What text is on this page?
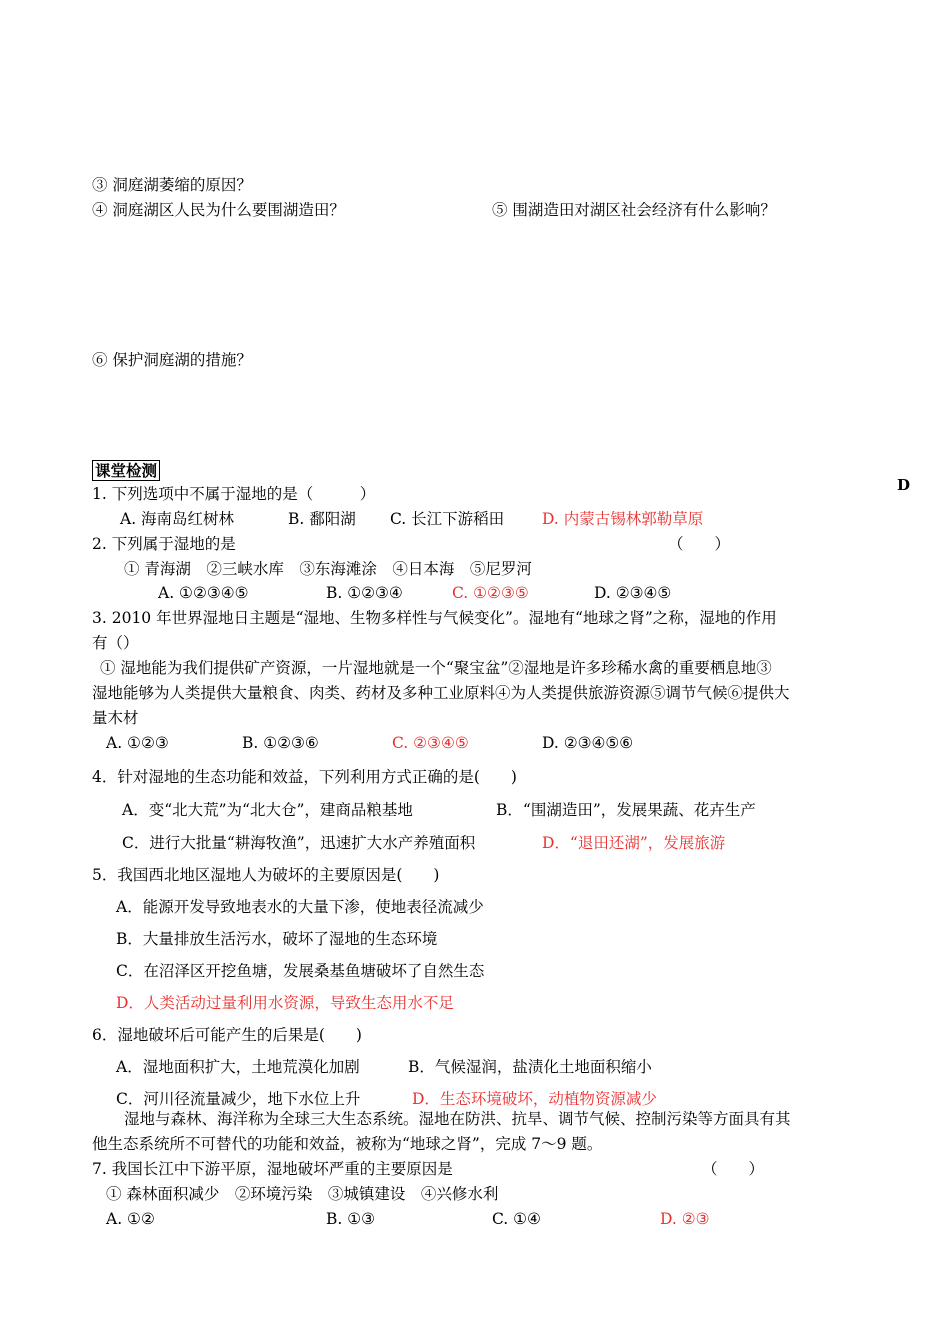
③ 洞庭湖萎缩的原因？
④ 洞庭湖区人民为什么要围湖造田？	⑤ 围湖造田对湖区社会经济有什么影响？
⑥ 保护洞庭湖的措施？
课堂检测
D
1. 下列选项中不属于湿地的是（　　　）
A. 海南岛红树林	B. 鄱阳湖 C. 长江下游稻田 D. 内蒙古锡林郭勒草原
2. 下列属于湿地的是	（　　）
① 青海湖　②三峡水库　③东海滩涂　④日本海　⑤尼罗河
A. ①②③④⑤	B. ①②③④	C. ①②③⑤	D. ②③④⑤
3. 2010 年世界湿地日主题是“湿地、生物多样性与气候变化”。湿地有“地球之肾”之称，湿地的作用
有（）
① 湿地能为我们提供矿产资源，一片湿地就是一个“聚宝盆”②湿地是许多珍稀水禽的重要栖息地③
湿地能够为人类提供大量粮食、肉类、药材及多种工业原料④为人类提供旅游资源⑤调节气候⑥提供大
量木材
A. ①②③	B. ①②③⑥	C. ②③④⑤	D. ②③④⑤⑥
4．针对湿地的生态功能和效益，下列利用方式正确的是(　　)
A．变“北大荒”为“北大仓”，建商品粮基地	B．“围湖造田”，发展果蔬、花卉生产
C．进行大批量“耕海牧渔”，迅速扩大水产养殖面积	D．“退田还湖”，发展旅游
5．我国西北地区湿地人为破坏的主要原因是(　　)
A．能源开发导致地表水的大量下渗，使地表径流减少
B．大量排放生活污水，破坏了湿地的生态环境
C．在沼泽区开挖鱼塘，发展桑基鱼塘破坏了自然生态
D．人类活动过量利用水资源，导致生态用水不足
6．湿地破坏后可能产生的后果是(　　)
A．湿地面积扩大，土地荒漠化加剧	B．气候湿润，盐渍化土地面积缩小
C．河川径流量减少，地下水位上升	D．生态环境破坏，动植物资源减少
湿地与森林、海洋称为全球三大生态系统。湿地在防洪、抗旱、调节气候、控制污染等方面具有其
他生态系统所不可替代的功能和效益，被称为“地球之肾”，完成 7～9 题。
7. 我国长江中下游平原，湿地破坏严重的主要原因是	（　　）
① 森林面积减少　②环境污染　③城镇建设　④兴修水利
A. ①②	B. ①③	C. ①④	D. ②③
